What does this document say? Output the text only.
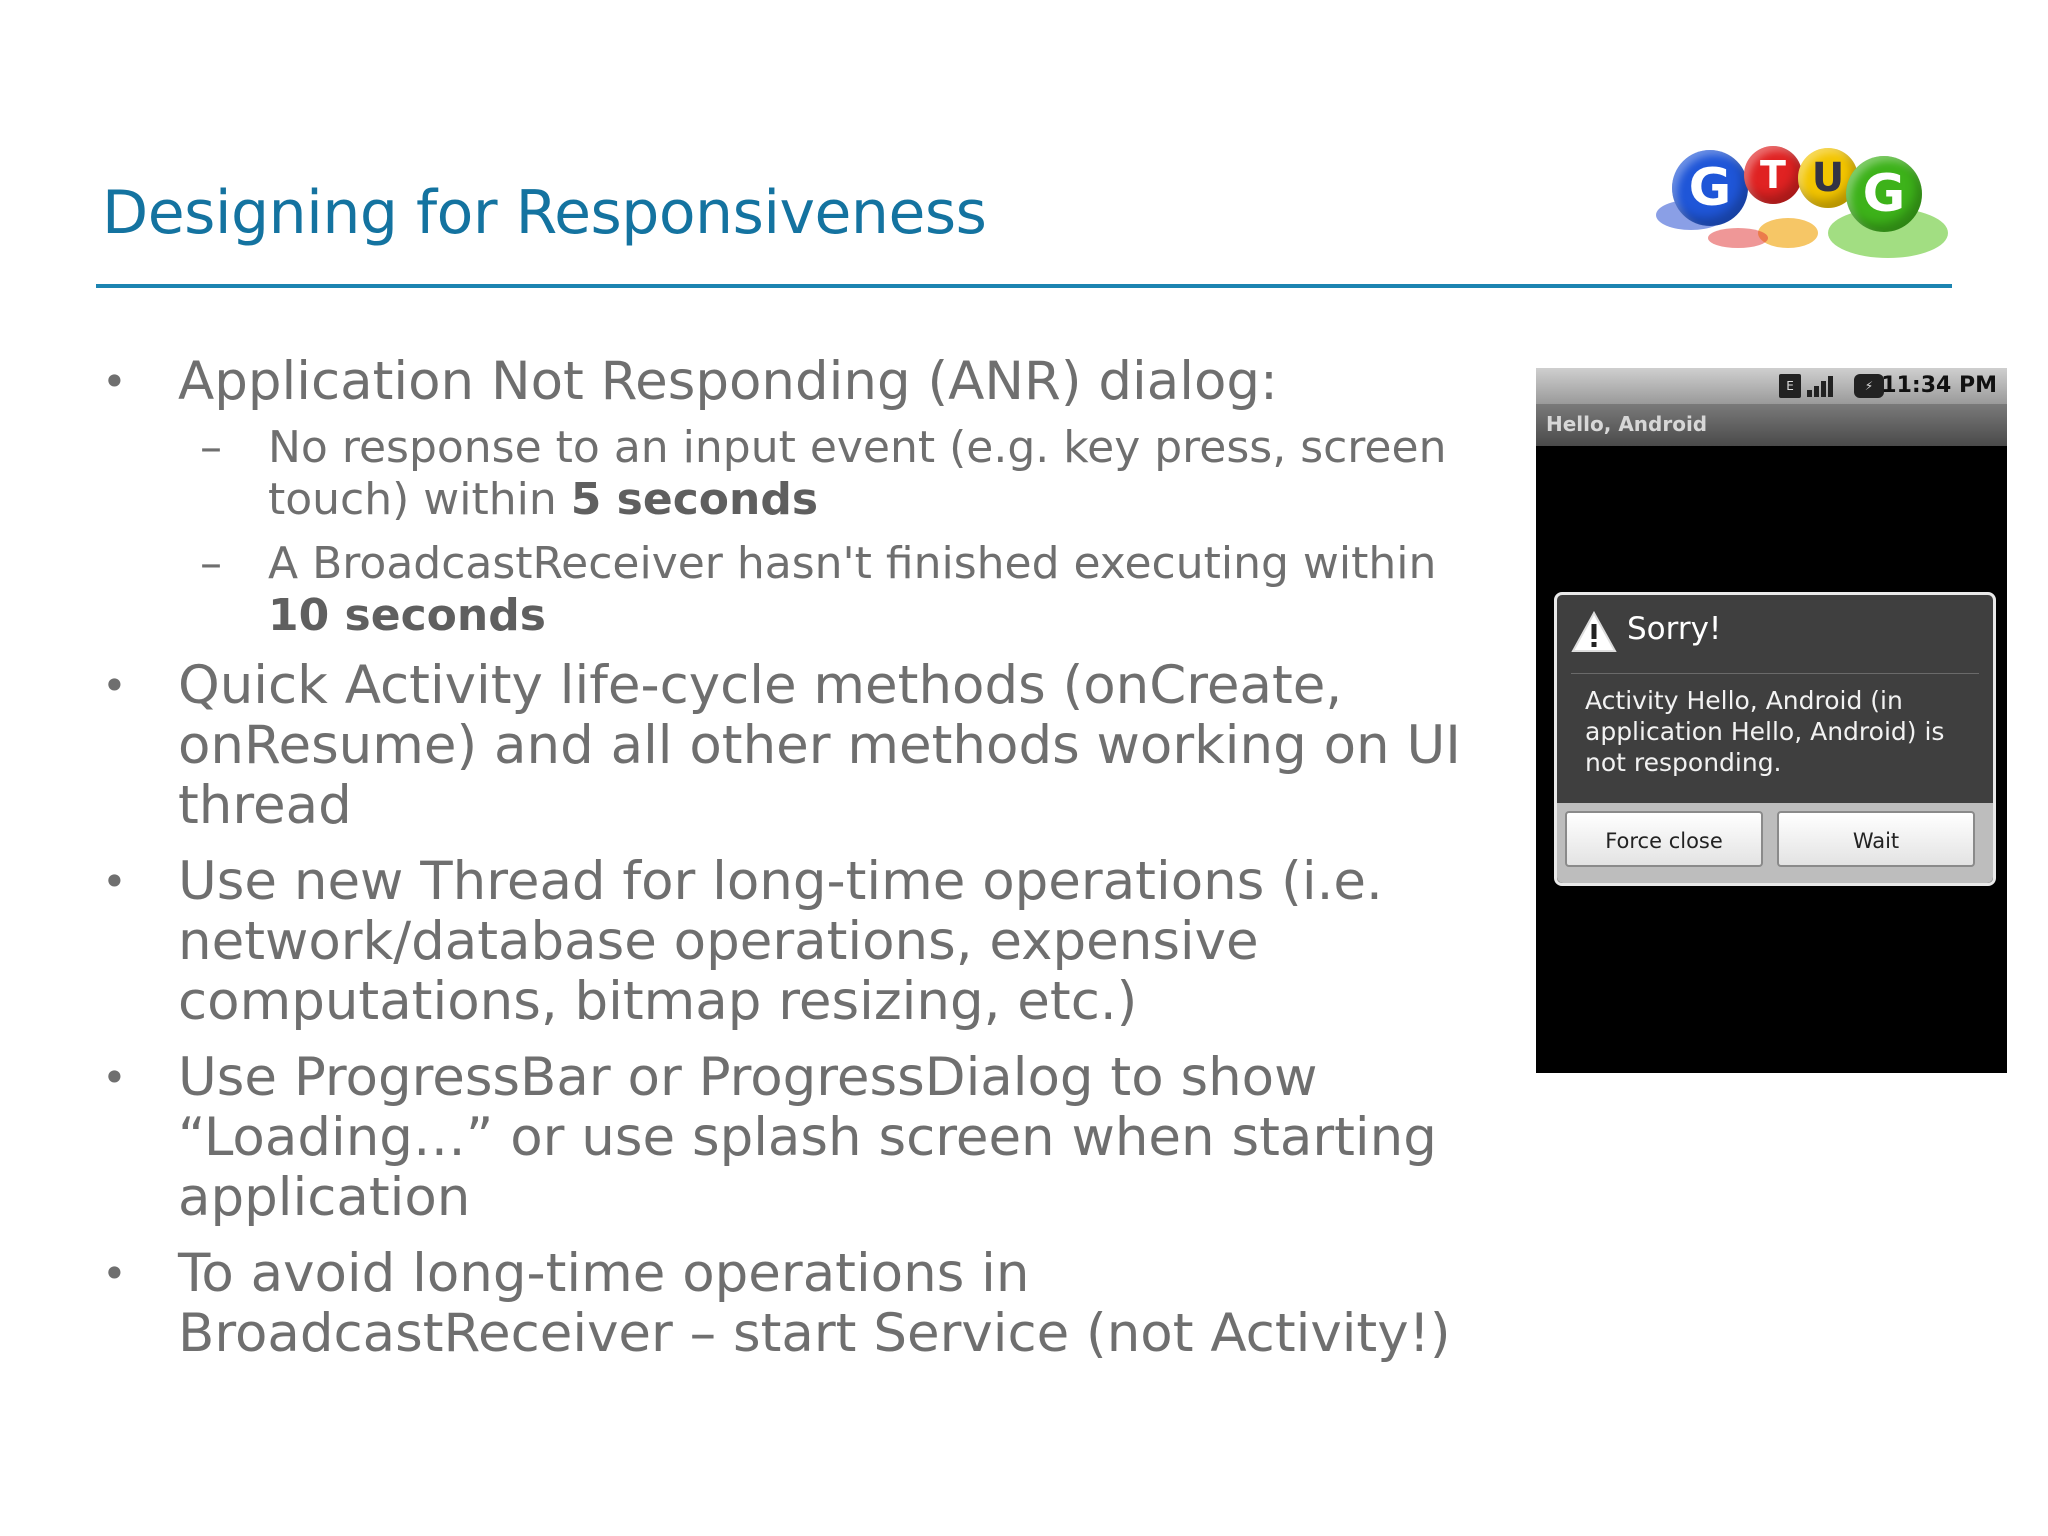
Designing for Responsiveness	G T U G
• Application Not Responding (ANR) dialog:
– No response to an input event (e.g. key press, screen touch) within 5 seconds
– A BroadcastReceiver hasn't finished executing within 10 seconds
• Quick Activity life-cycle methods (onCreate, onResume) and all other methods working on UI thread
• Use new Thread for long-time operations (i.e. network/database operations, expensive computations, bitmap resizing, etc.)
• Use ProgressBar or ProgressDialog to show “Loading…” or use splash screen when starting application
• To avoid long-time operations in BroadcastReceiver – start Service (not Activity!)
E	⚡ 11:34 PM
Hello, Android
Sorry!
Activity Hello, Android (in application Hello, Android) is not responding.
Force close	Wait
